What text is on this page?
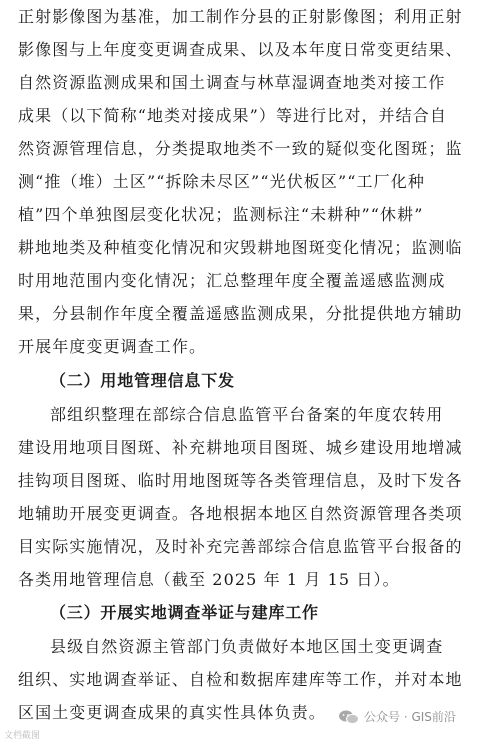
正射影像图为基准，加工制作分县的正射影像图；利用正射
影像图与上年度变更调查成果、以及本年度日常变更结果、
自然资源监测成果和国土调查与林草湿调查地类对接工作
成果（以下简称“地类对接成果”）等进行比对，并结合自
然资源管理信息，分类提取地类不一致的疑似变化图斑；监
测“推（堆）土区”“拆除未尽区”“光伏板区”“工厂化种
植”四个单独图层变化状况；监测标注“未耕种”“休耕”
耕地地类及种植变化情况和灾毁耕地图斑变化情况；监测临
时用地范围内变化情况；汇总整理年度全覆盖遥感监测成
果，分县制作年度全覆盖遥感监测成果，分批提供地方辅助
开展年度变更调查工作。
（二）用地管理信息下发
部组织整理在部综合信息监管平台备案的年度农转用
建设用地项目图斑、补充耕地项目图斑、城乡建设用地增减
挂钩项目图斑、临时用地图斑等各类管理信息，及时下发各
地辅助开展变更调查。各地根据本地区自然资源管理各类项
目实际实施情况，及时补充完善部综合信息监管平台报备的
各类用地管理信息（截至 2025 年 1 月 15 日）。
（三）开展实地调查举证与建库工作
县级自然资源主管部门负责做好本地区国土变更调查
组织、实地调查举证、自检和数据库建库等工作，并对本地
区国土变更调查成果的真实性具体负责。	公众号 · GIS前沿
文档截图
